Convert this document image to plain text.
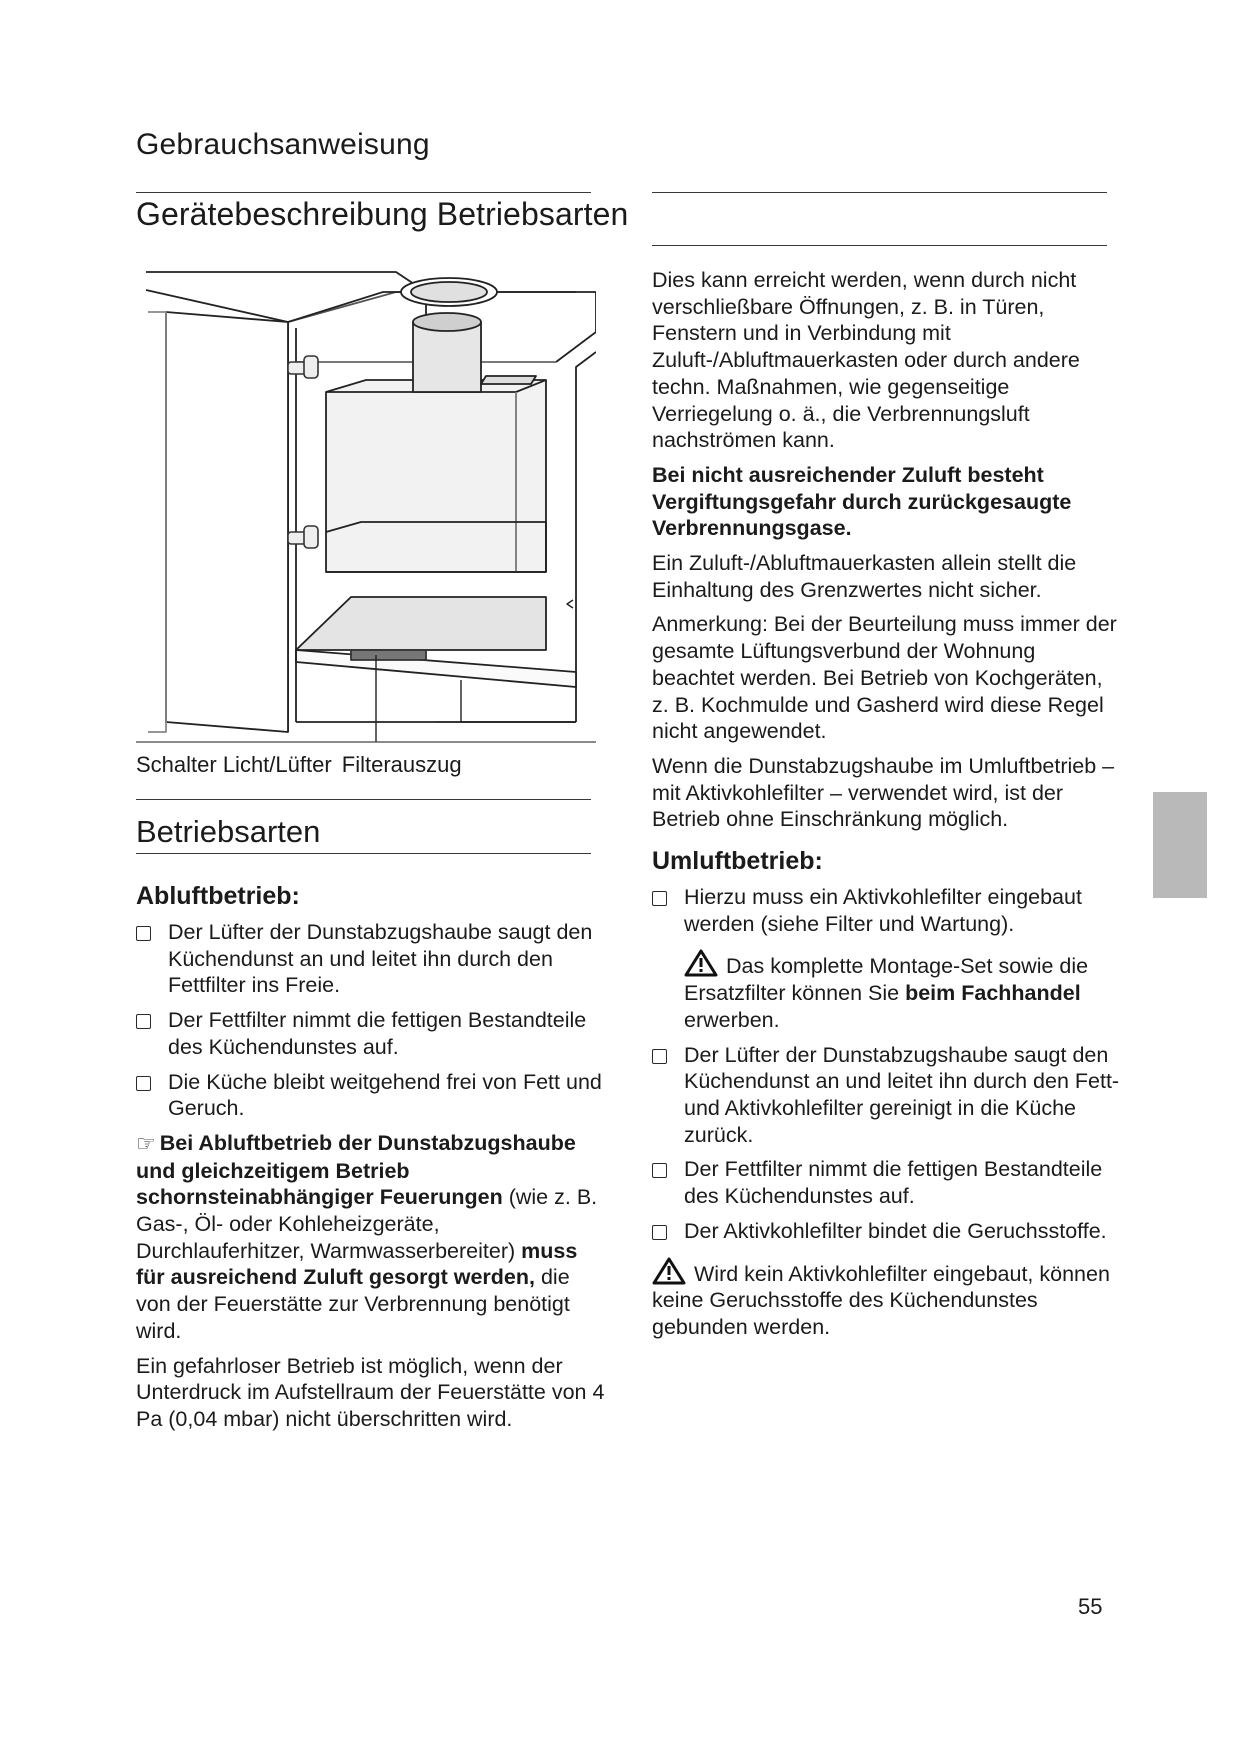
Gebrauchsanweisung
Gerätebeschreibung Betriebsarten
Schalter Licht/Lüfter Filterauszug
Betriebsarten
Abluftbetrieb:
Der Lüfter der Dunstabzugshaube saugt den Küchendunst an und leitet ihn durch den Fettfilter ins Freie.
Der Fettfilter nimmt die fettigen Bestandteile des Küchendunstes auf.
Die Küche bleibt weitgehend frei von Fett und Geruch.

☞ Bei Abluftbetrieb der Dunstabzugshaube und gleichzeitigem Betrieb schornsteinabhängiger Feuerungen (wie z. B. Gas-, Öl- oder Kohleheizgeräte, Durchlauferhitzer, Warmwasserbereiter) muss für ausreichend Zuluft gesorgt werden, die von der Feuerstätte zur Verbrennung benötigt wird.

Ein gefahrloser Betrieb ist möglich, wenn der Unterdruck im Aufstellraum der Feuerstätte von 4 Pa (0,04 mbar) nicht überschritten wird.

Dies kann erreicht werden, wenn durch nicht verschließbare Öffnungen, z. B. in Türen, Fenstern und in Verbindung mit Zuluft-/Abluftmauerkasten oder durch andere techn. Maßnahmen, wie gegenseitige Verriegelung o. ä., die Verbrennungsluft nachströmen kann.

Bei nicht ausreichender Zuluft besteht Vergiftungsgefahr durch zurückgesaugte Verbrennungsgase.

Ein Zuluft-/Abluftmauerkasten allein stellt die Einhaltung des Grenzwertes nicht sicher.

Anmerkung: Bei der Beurteilung muss immer der gesamte Lüftungsverbund der Wohnung beachtet werden. Bei Betrieb von Kochgeräten, z. B. Kochmulde und Gasherd wird diese Regel nicht angewendet.

Wenn die Dunstabzugshaube im Umluftbetrieb – mit Aktivkohlefilter – verwendet wird, ist der Betrieb ohne Einschränkung möglich.

Umluftbetrieb:
Hierzu muss ein Aktivkohlefilter eingebaut werden (siehe Filter und Wartung).
Das komplette Montage-Set sowie die Ersatzfilter können Sie beim Fachhandel erwerben.
Der Lüfter der Dunstabzugshaube saugt den Küchendunst an und leitet ihn durch den Fett- und Aktivkohlefilter gereinigt in die Küche zurück.
Der Fettfilter nimmt die fettigen Bestandteile des Küchendunstes auf.
Der Aktivkohlefilter bindet die Geruchsstoffe.
Wird kein Aktivkohlefilter eingebaut, können keine Geruchsstoffe des Küchendunstes gebunden werden.
55
